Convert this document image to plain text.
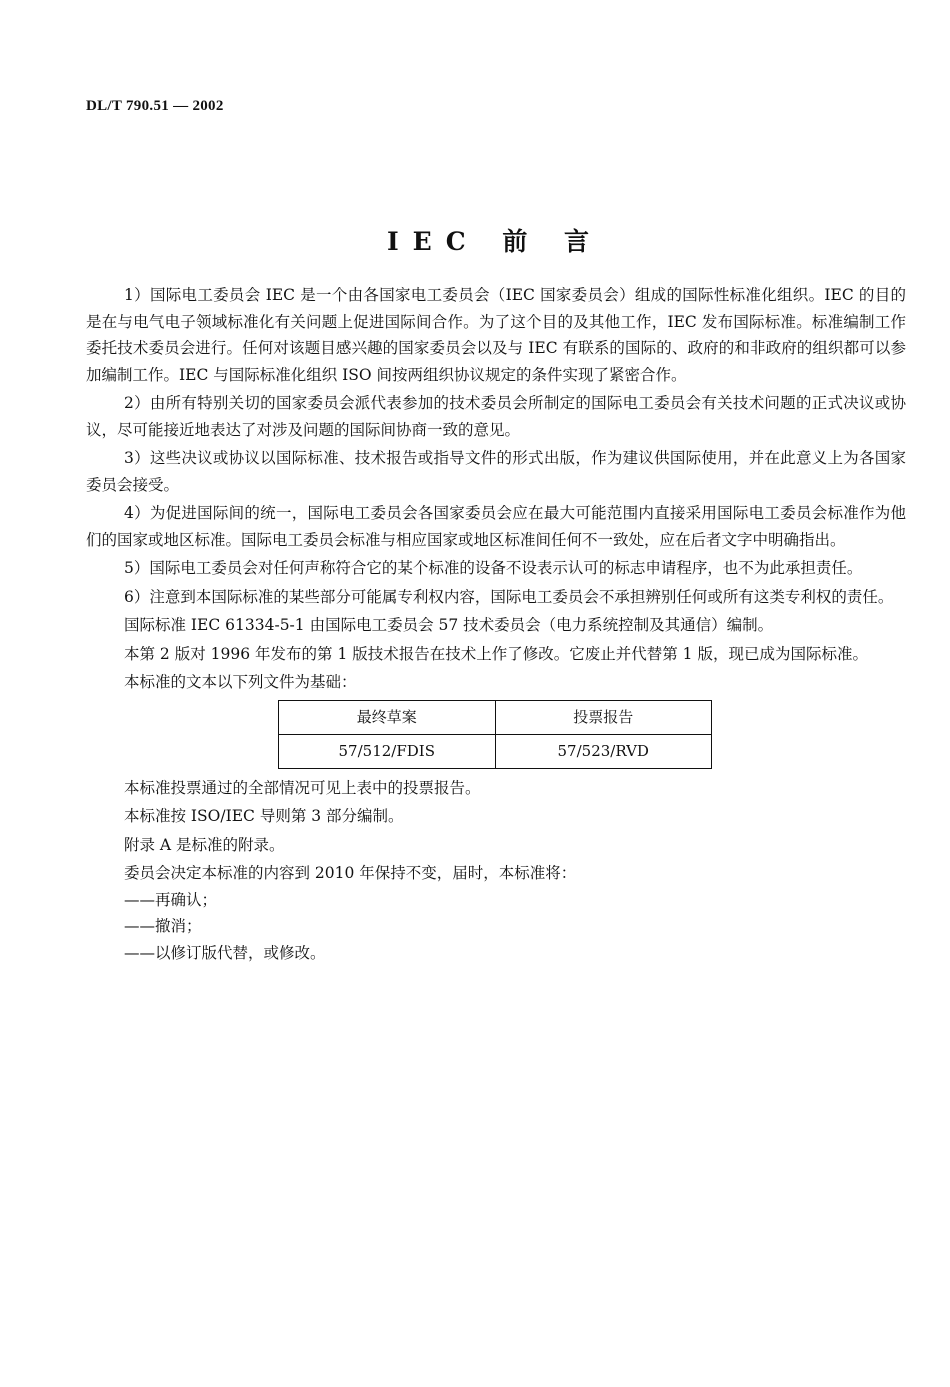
DL/T 790.51 — 2002
IEC 前 言

1）国际电工委员会 IEC 是一个由各国家电工委员会（IEC 国家委员会）组成的国际性标准化组织。IEC 的目的是在与电气电子领域标准化有关问题上促进国际间合作。为了这个目的及其他工作，IEC 发布国际标准。标准编制工作委托技术委员会进行。任何对该题目感兴趣的国家委员会以及与 IEC 有联系的国际的、政府的和非政府的组织都可以参加编制工作。IEC 与国际标准化组织 ISO 间按两组织协议规定的条件实现了紧密合作。

2）由所有特别关切的国家委员会派代表参加的技术委员会所制定的国际电工委员会有关技术问题的正式决议或协议，尽可能接近地表达了对涉及问题的国际间协商一致的意见。

3）这些决议或协议以国际标准、技术报告或指导文件的形式出版，作为建议供国际使用，并在此意义上为各国家委员会接受。

4）为促进国际间的统一，国际电工委员会各国家委员会应在最大可能范围内直接采用国际电工委员会标准作为他们的国家或地区标准。国际电工委员会标准与相应国家或地区标准间任何不一致处，应在后者文字中明确指出。

5）国际电工委员会对任何声称符合它的某个标准的设备不设表示认可的标志申请程序，也不为此承担责任。

6）注意到本国际标准的某些部分可能属专利权内容，国际电工委员会不承担辨别任何或所有这类专利权的责任。

国际标准 IEC 61334-5-1 由国际电工委员会 57 技术委员会（电力系统控制及其通信）编制。

本第 2 版对 1996 年发布的第 1 版技术报告在技术上作了修改。它废止并代替第 1 版，现已成为国际标准。

本标准的文本以下列文件为基础：

最终草案	投票报告
57/512/FDIS	57/523/RVD

本标准投票通过的全部情况可见上表中的投票报告。

本标准按 ISO/IEC 导则第 3 部分编制。

附录 A 是标准的附录。

委员会决定本标准的内容到 2010 年保持不变，届时，本标准将：

——再确认；
——撤消；
——以修订版代替，或修改。
